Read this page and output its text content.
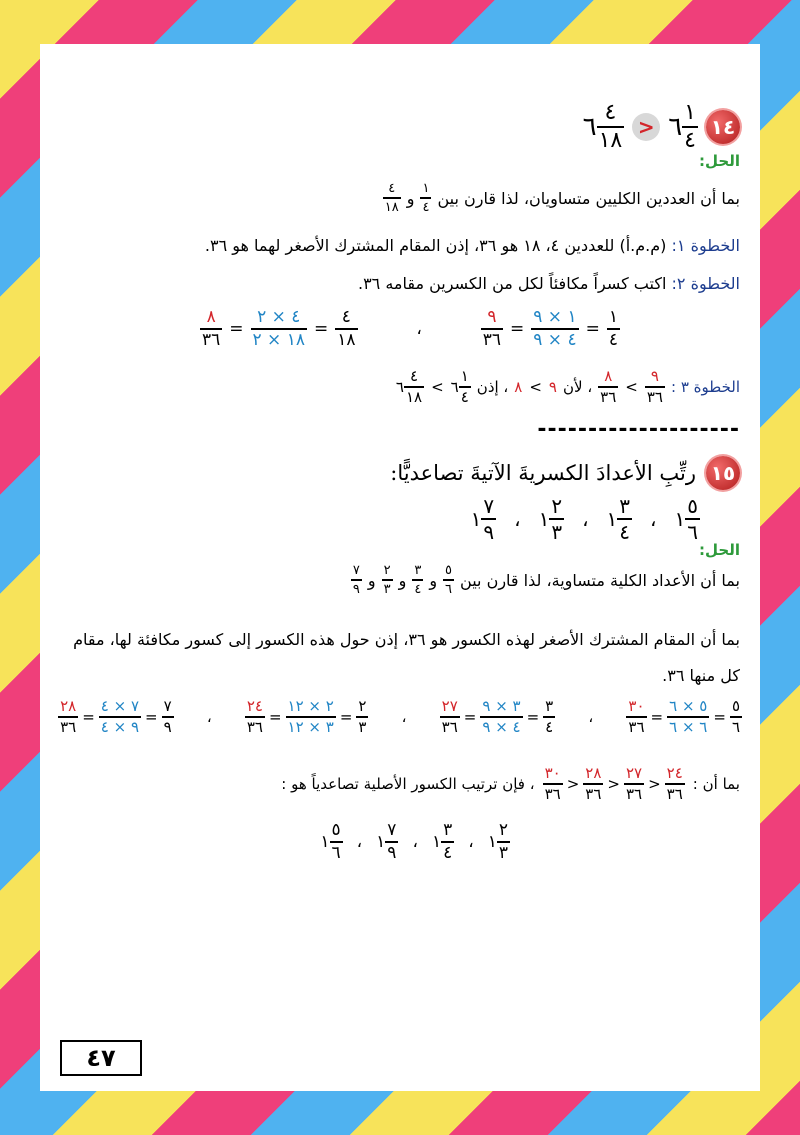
١٤
$\frac{١}{٤}$
٦
<
$\frac{٤}{١٨}$
٦
الحل:
بما أن العددين الكليين متساويان، لذا قارن بين
$\frac{١}{٤}$
و
$\frac{٤}{١٨}$
الخطوة ١: (م.م.أ) للعددين ٤، ١٨ هو ٣٦، إذن المقام المشترك الأصغر لهما هو ٣٦.
الخطوة ٢: اكتب كسراً مكافئاً لكل من الكسرين مقامه ٣٦.
$\frac{٨}{٣٦} = \frac{٤ \times ٢}{١٨ \times ٢} = \frac{٤}{١٨}$	،	$\frac{٩}{٣٦} = \frac{١ \times ٩}{٤ \times ٩} = \frac{١}{٤}$
الخطوة ٣ :
$\frac{٨}{٣٦} < \frac{٩}{٣٦}$
، لأن
٨ < ٩
، إذن
٦ $\frac{٤}{١٨}$ < ٦ $\frac{١}{٤}$
--------------------
١٥
رتِّبِ الأعدادَ الكسريةَ الآتيةَ تصاعديًّا:
$\frac{٥}{٦}$
١
،
$\frac{٣}{٤}$
١
،
$\frac{٢}{٣}$
١
،
$\frac{٧}{٩}$
١
الحل:
بما أن الأعداد الكلية متساوية، لذا قارن بين
$\frac{٥}{٦}$
و
$\frac{٣}{٤}$
و
$\frac{٢}{٣}$
و
$\frac{٧}{٩}$
بما أن المقام المشترك الأصغر لهذه الكسور هو ٣٦، إذن حول هذه الكسور إلى كسور مكافئة لها، مقام كل منها ٣٦.
$\frac{٣٠}{٣٦} = \frac{٥ \times ٦}{٦ \times ٦} = \frac{٥}{٦}$
،
$\frac{٢٧}{٣٦} = \frac{٣ \times ٩}{٤ \times ٩} = \frac{٣}{٤}$
،
$\frac{٢٤}{٣٦} = \frac{٢ \times ١٢}{٣ \times ١٢} = \frac{٢}{٣}$
،
$\frac{٢٨}{٣٦} = \frac{٧ \times ٤}{٩ \times ٤} = \frac{٧}{٩}$
بما أن :
$\frac{٣٠}{٣٦} > \frac{٢٨}{٣٦} > \frac{٢٧}{٣٦} > \frac{٢٤}{٣٦}$
، فإن ترتيب الكسور الأصلية تصاعدياً هو :
$\frac{٢}{٣}$
١
،
$\frac{٣}{٤}$
١
،
$\frac{٧}{٩}$
١
،
$\frac{٥}{٦}$
١
٤٧
